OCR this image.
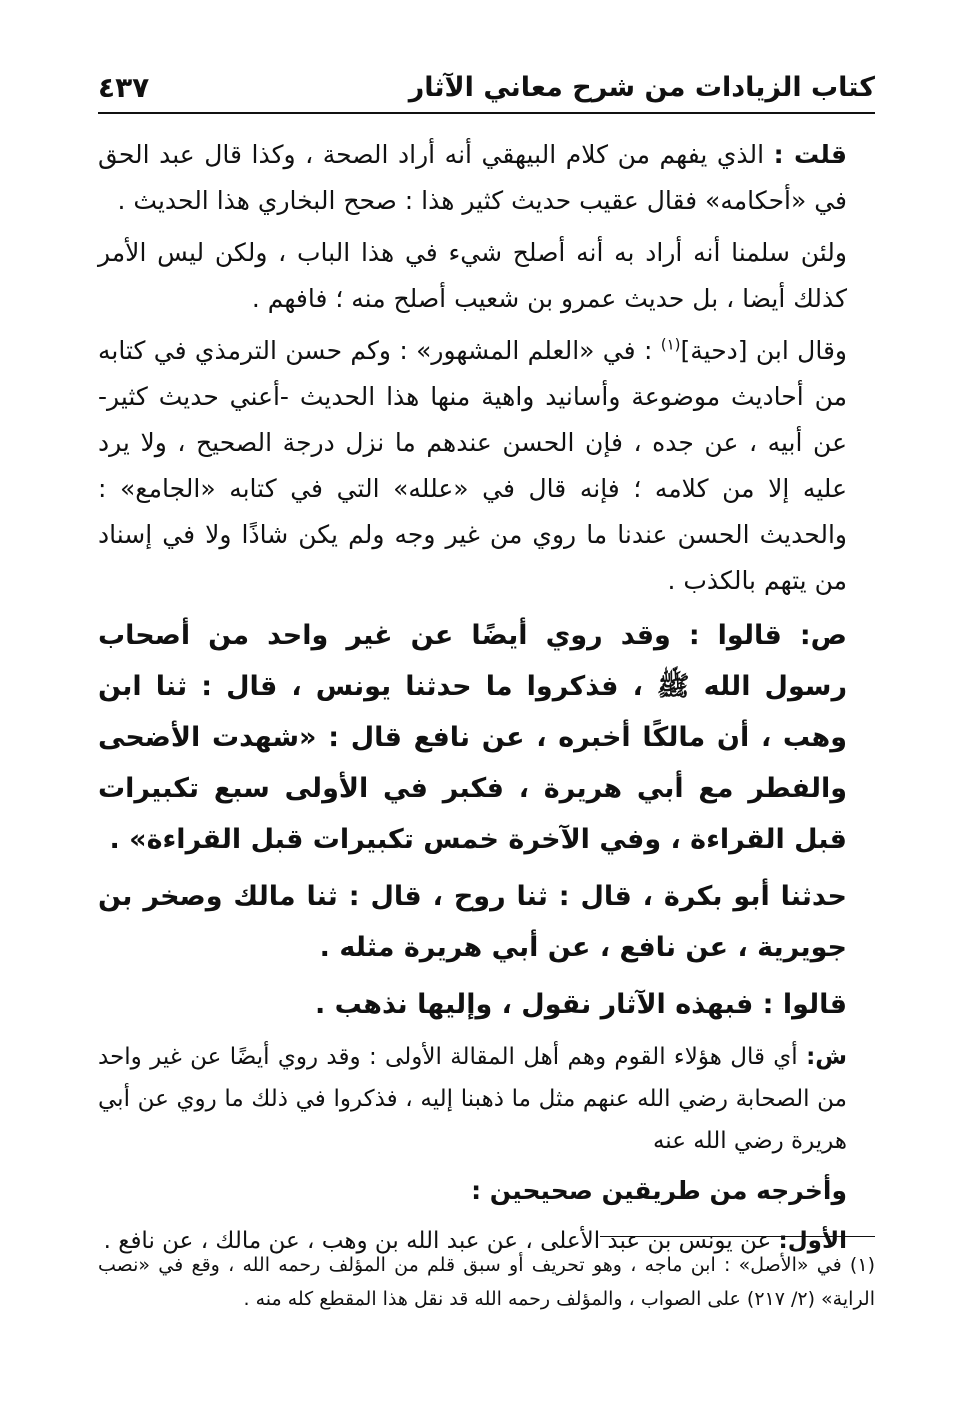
كتاب الزيادات من شرح معاني الآثار
٤٣٧

قلت : الذي يفهم من كلام البيهقي أنه أراد الصحة ، وكذا قال عبد الحق في «أحكامه» فقال عقيب حديث كثير هذا : صحح البخاري هذا الحديث .

ولئن سلمنا أنه أراد به أنه أصلح شيء في هذا الباب ، ولكن ليس الأمر كذلك أيضا ، بل حديث عمرو بن شعيب أصلح منه ؛ فافهم .

وقال ابن [دحية]$^{(١)}$ : في «العلم المشهور» : وكم حسن الترمذي في كتابه من أحاديث موضوعة وأسانيد واهية منها هذا الحديث -أعني حديث كثير- عن أبيه ، عن جده ، فإن الحسن عندهم ما نزل درجة الصحيح ، ولا يرد عليه إلا من كلامه ؛ فإنه قال في «علله» التي في كتابه «الجامع» : والحديث الحسن عندنا ما روي من غير وجه ولم يكن شاذًا ولا في إسناد من يتهم بالكذب .

ص: قالوا : وقد روي أيضًا عن غير واحد من أصحاب رسول الله ﷺ ، فذكروا ما حدثنا يونس ، قال : ثنا ابن وهب ، أن مالكًا أخبره ، عن نافع قال : «شهدت الأضحى والفطر مع أبي هريرة ، فكبر في الأولى سبع تكبيرات قبل القراءة ، وفي الآخرة خمس تكبيرات قبل القراءة» .

حدثنا أبو بكرة ، قال : ثنا روح ، قال : ثنا مالك وصخر بن جويرية ، عن نافع ، عن أبي هريرة مثله .

قالوا : فبهذه الآثار نقول ، وإليها نذهب .

ش: أي قال هؤلاء القوم وهم أهل المقالة الأولى : وقد روي أيضًا عن غير واحد من الصحابة رضي الله عنهم مثل ما ذهبنا إليه ، فذكروا في ذلك ما روي عن أبي هريرة رضي الله عنه

وأخرجه من طريقين صحيحين :

الأول: عن يونس بن عبد الأعلى ، عن عبد الله بن وهب ، عن مالك ، عن نافع .

(١) في «الأصل» : ابن ماجه ، وهو تحريف أو سبق قلم من المؤلف رحمه الله ، وقع في «نصب الراية» (٢/ ٢١٧) على الصواب ، والمؤلف رحمه الله قد نقل هذا المقطع كله منه .
